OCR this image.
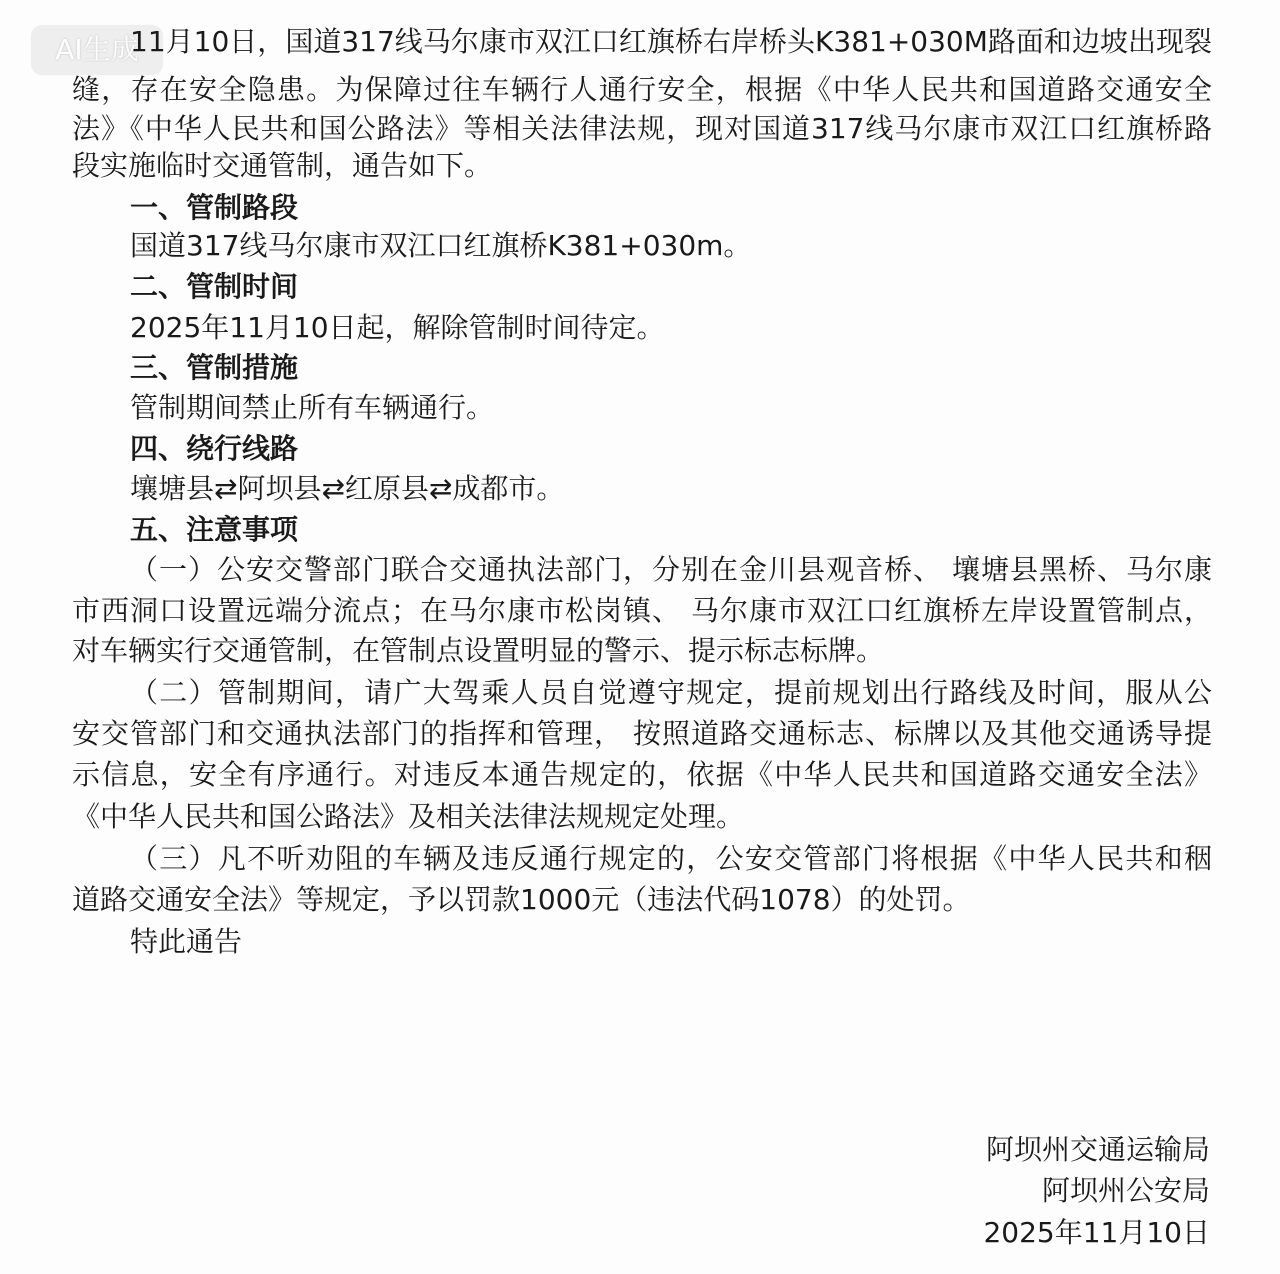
AI生成
11月10日，国道317线马尔康市双江口红旗桥右岸桥头K381+030M路面和边坡出现裂
缝，存在安全隐患。为保障过往车辆行人通行安全，根据《中华人民共和国道路交通安全
法》《中华人民共和国公路法》等相关法律法规，现对国道317线马尔康市双江口红旗桥路
段实施临时交通管制，通告如下。
一、管制路段
国道317线马尔康市双江口红旗桥K381+030m。
二、管制时间
2025年11月10日起，解除管制时间待定。
三、管制措施
管制期间禁止所有车辆通行。
四、绕行线路
壤塘县⇄阿坝县⇄红原县⇄成都市。
五、注意事项
（一）公安交警部门联合交通执法部门，分别在金川县观音桥、 壤塘县黑桥、马尔康
市西洞口设置远端分流点；在马尔康市松岗镇、 马尔康市双江口红旗桥左岸设置管制点，
对车辆实行交通管制，在管制点设置明显的警示、提示标志标牌。
（二）管制期间，请广大驾乘人员自觉遵守规定，提前规划出行路线及时间，服从公
安交管部门和交通执法部门的指挥和管理， 按照道路交通标志、标牌以及其他交通诱导提
示信息，安全有序通行。对违反本通告规定的，依据《中华人民共和国道路交通安全法》
《中华人民共和国公路法》及相关法律法规规定处理。
（三）凡不听劝阻的车辆及违反通行规定的，公安交管部门将根据《中华人民共和秵
道路交通安全法》等规定，予以罚款1000元（违法代码1078）的处罚。
特此通告
阿坝州交通运输局
阿坝州公安局
2025年11月10日
